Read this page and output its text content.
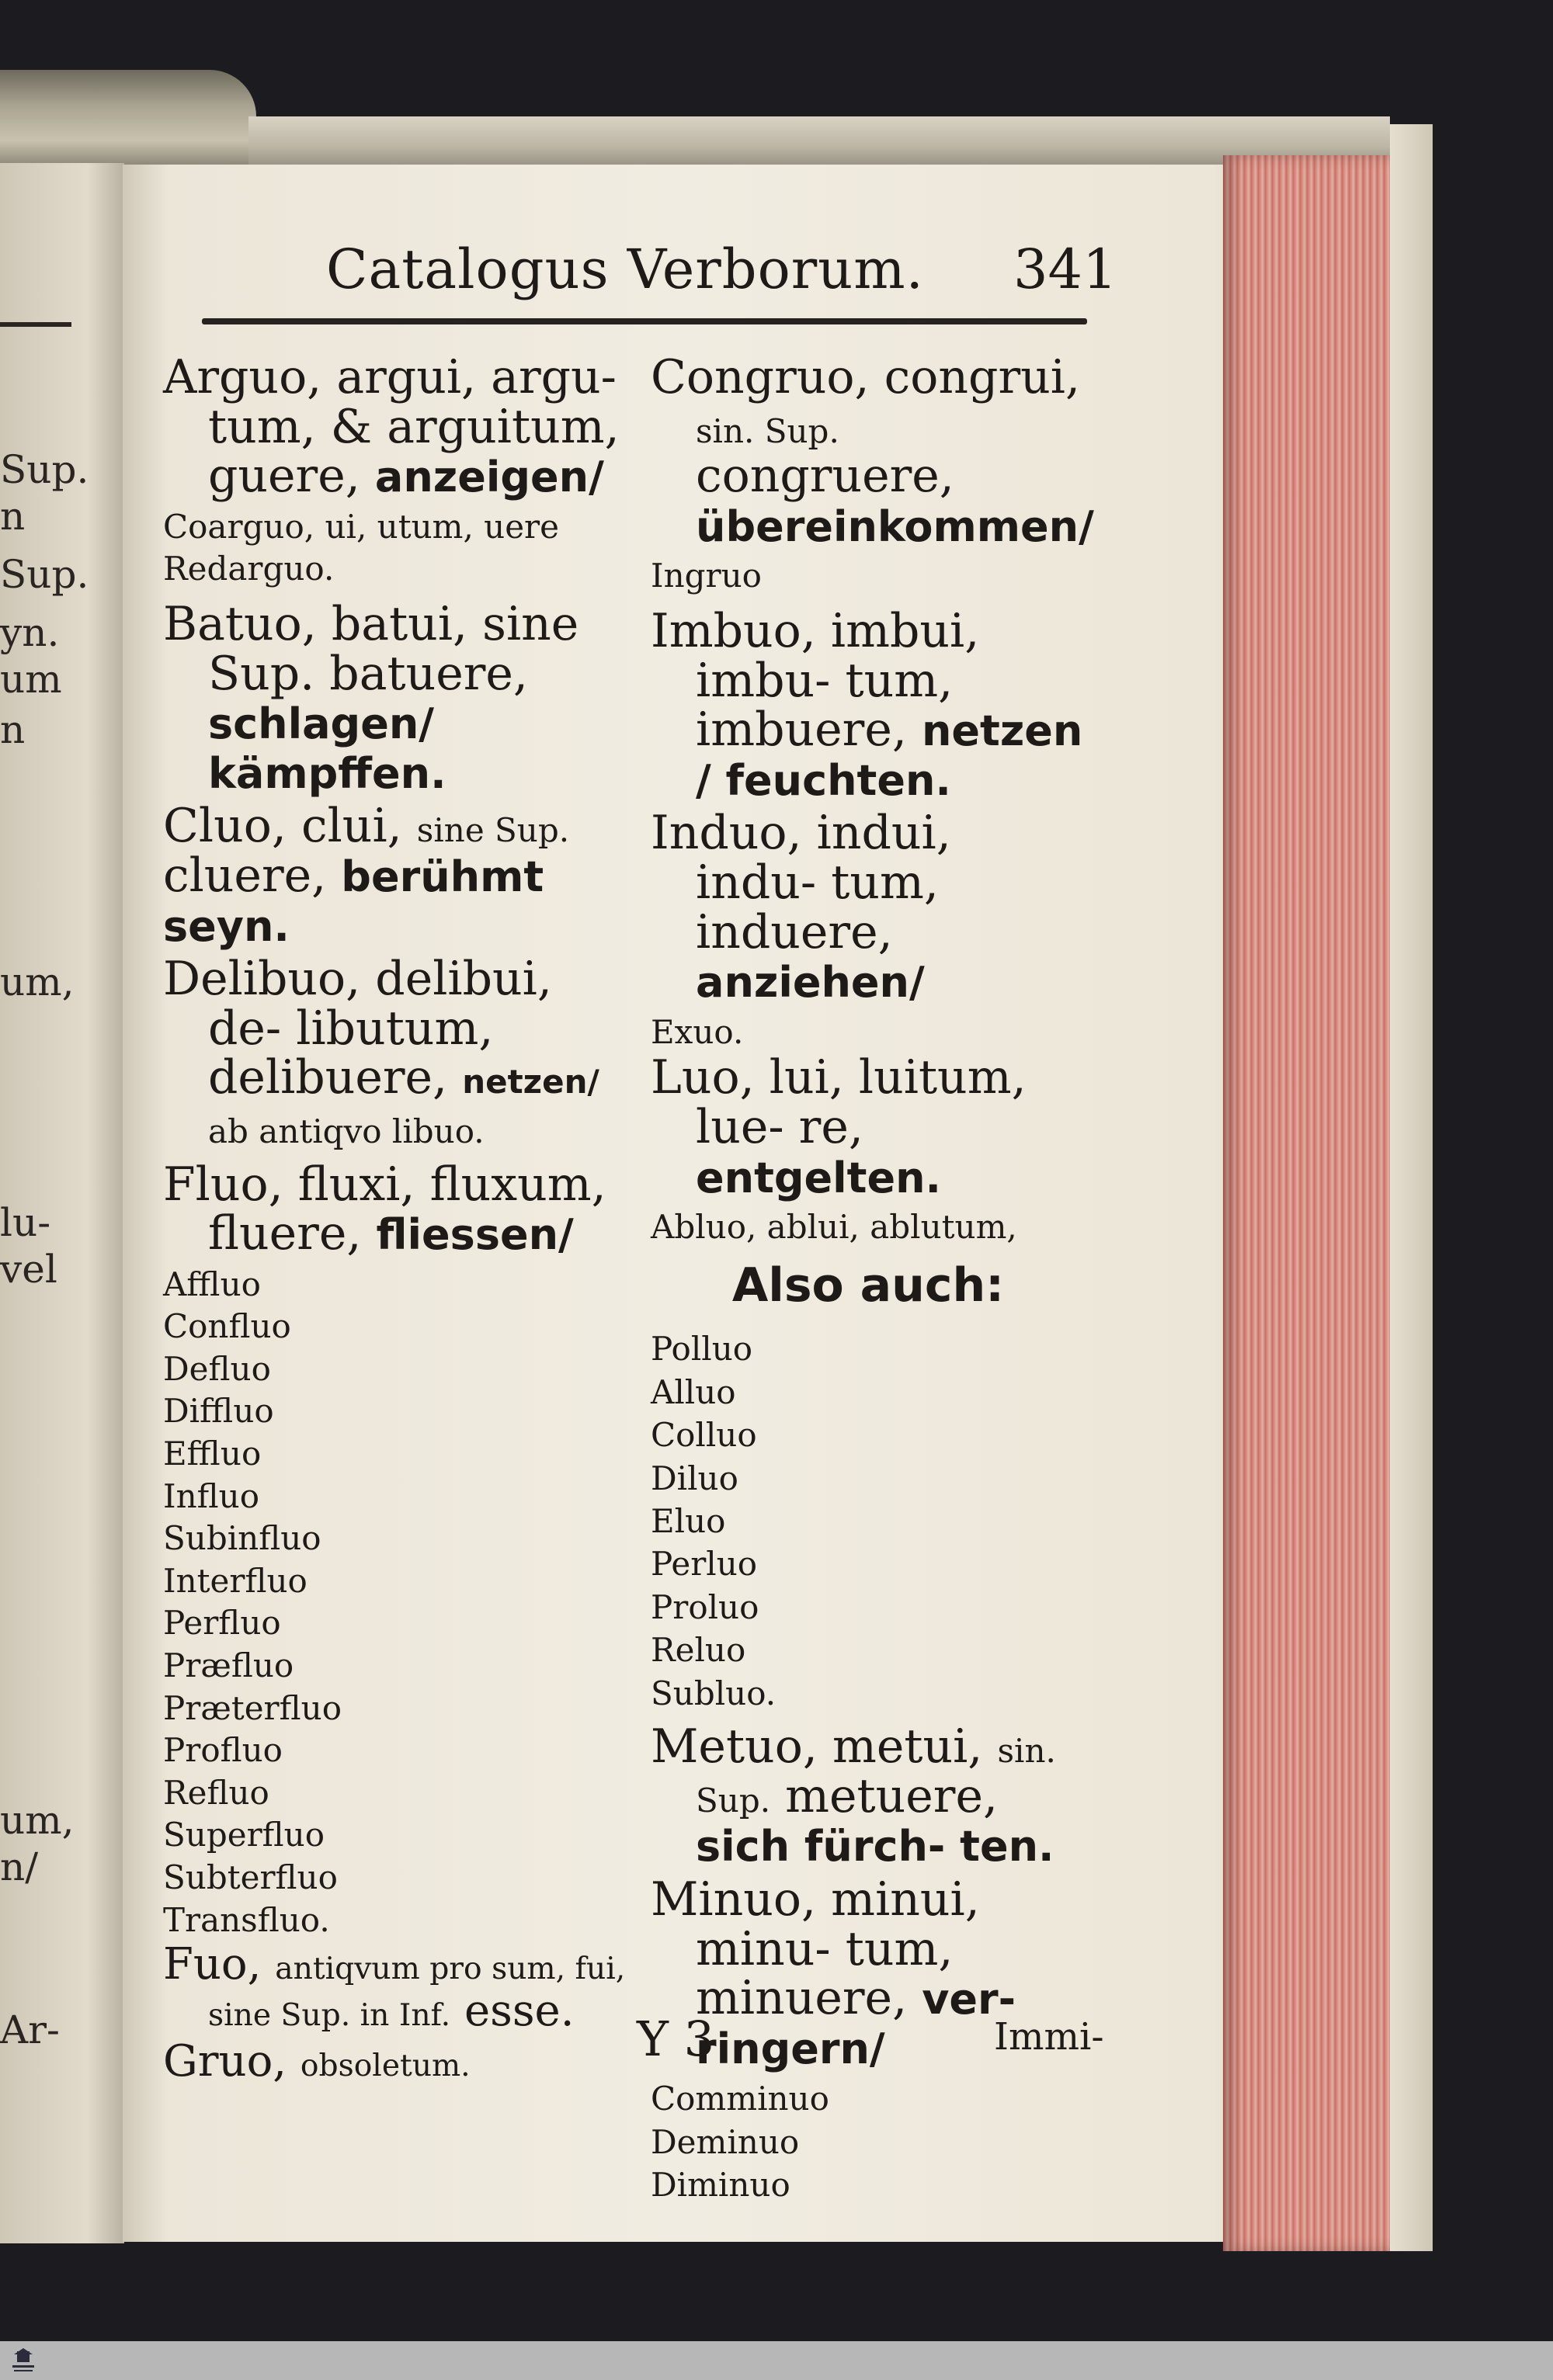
Sup.
n
Sup.
yn.
um
n
um,
lu-
vel
um,
n/
Ar-
Catalogus Verborum. 341

Arguo, argui, argu- tum, & arguitum, guere, anzeigen/

Coarguo, ui, utum, uere

Redarguo.

Batuo, batui, sine Sup. batuere, schlagen/ kämpffen.

Cluo, clui, sine Sup. cluere, berühmt seyn.

Delibuo, delibui, de- libutum, delibuere, netzen/ ab antiqvo libuo.

Fluo, fluxi, fluxum, fluere, fliessen/

Affluo

Confluo

Defluo

Diffluo

Effluo

Influo

Subinfluo

Interfluo

Perfluo

Præfluo

Præterfluo

Profluo

Refluo

Superfluo

Subterfluo

Transfluo.

Fuo, antiqvum pro sum, fui, sine Sup. in Inf. esse.

Gruo, obsoletum.

Congruo, congrui, sin. Sup. congruere, übereinkommen/

Ingruo

Imbuo, imbui, imbu- tum, imbuere, netzen / feuchten.

Induo, indui, indu- tum, induere, anziehen/

Exuo.

Luo, lui, luitum, lue- re, entgelten.

Abluo, ablui, ablutum,

Also auch:

Polluo

Alluo

Colluo

Diluo

Eluo

Perluo

Proluo

Reluo

Subluo.

Metuo, metui, sin. Sup. metuere, sich fürch- ten.

Minuo, minui, minu- tum, minuere, ver- ringern/

Comminuo

Deminuo

Diminuo

Y 3	Immi-
